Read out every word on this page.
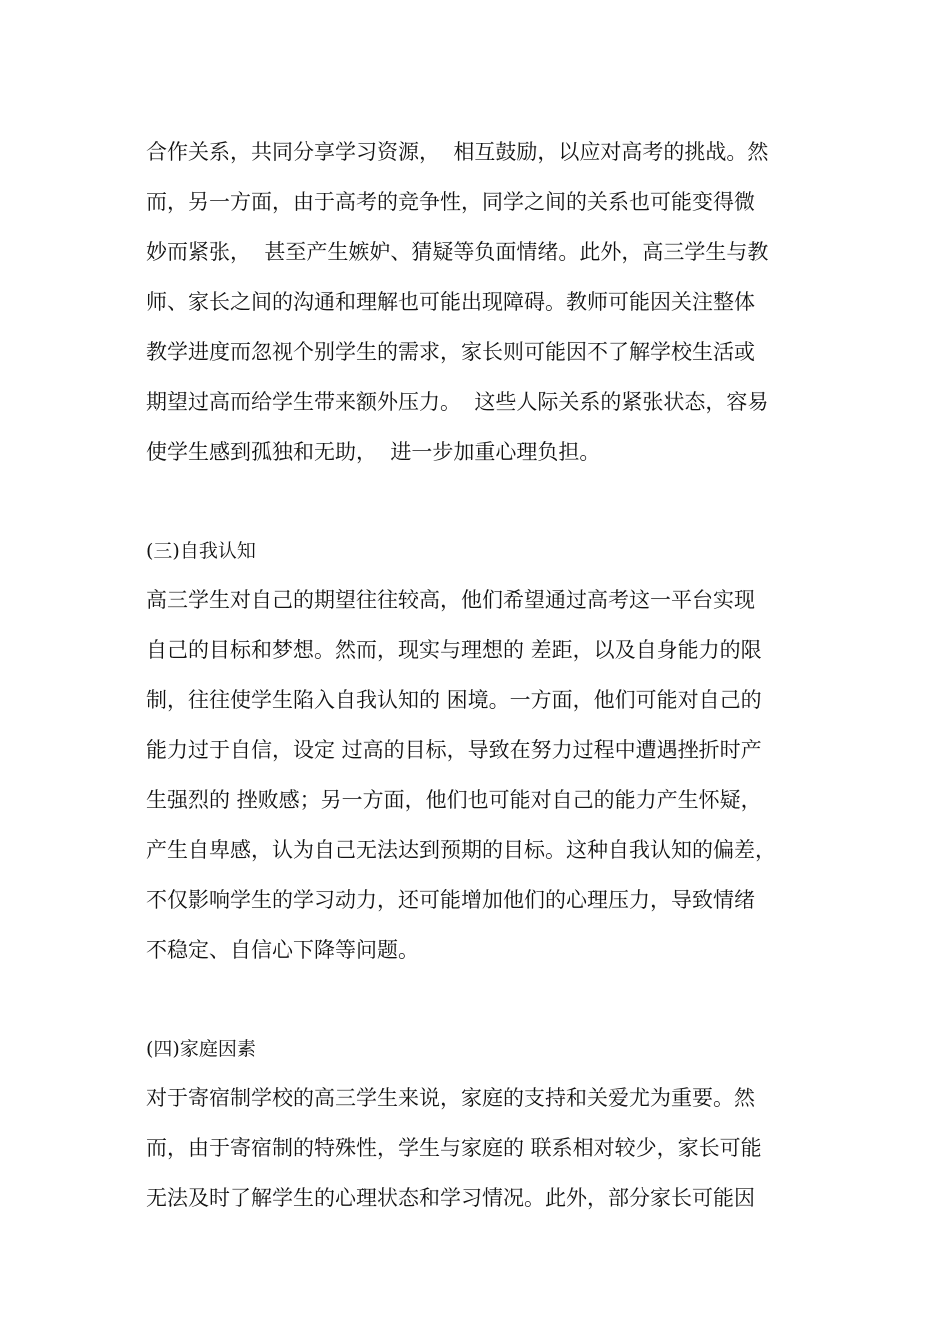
合作关系，共同分享学习资源，  相互鼓励，以应对高考的挑战。然
而，另一方面，由于高考的竞争性，同学之间的关系也可能变得微
妙而紧张，  甚至产生嫉妒、猜疑等负面情绪。此外，高三学生与教
师、家长之间的沟通和理解也可能出现障碍。教师可能因关注整体
教学进度而忽视个别学生的需求，家长则可能因不了解学校生活或
期望过高而给学生带来额外压力。  这些人际关系的紧张状态，容易
使学生感到孤独和无助，  进一步加重心理负担。
(三)自我认知
高三学生对自己的期望往往较高，他们希望通过高考这一平台实现
自己的目标和梦想。然而，现实与理想的 差距，以及自身能力的限
制，往往使学生陷入自我认知的 困境。一方面，他们可能对自己的
能力过于自信，设定 过高的目标，导致在努力过程中遭遇挫折时产
生强烈的 挫败感；另一方面，他们也可能对自己的能力产生怀疑，
产生自卑感，认为自己无法达到预期的目标。这种自我认知的偏差，
不仅影响学生的学习动力，还可能增加他们的心理压力，导致情绪
不稳定、自信心下降等问题。
(四)家庭因素
对于寄宿制学校的高三学生来说，家庭的支持和关爱尤为重要。然
而，由于寄宿制的特殊性，学生与家庭的 联系相对较少，家长可能
无法及时了解学生的心理状态和学习情况。此外，部分家长可能因
